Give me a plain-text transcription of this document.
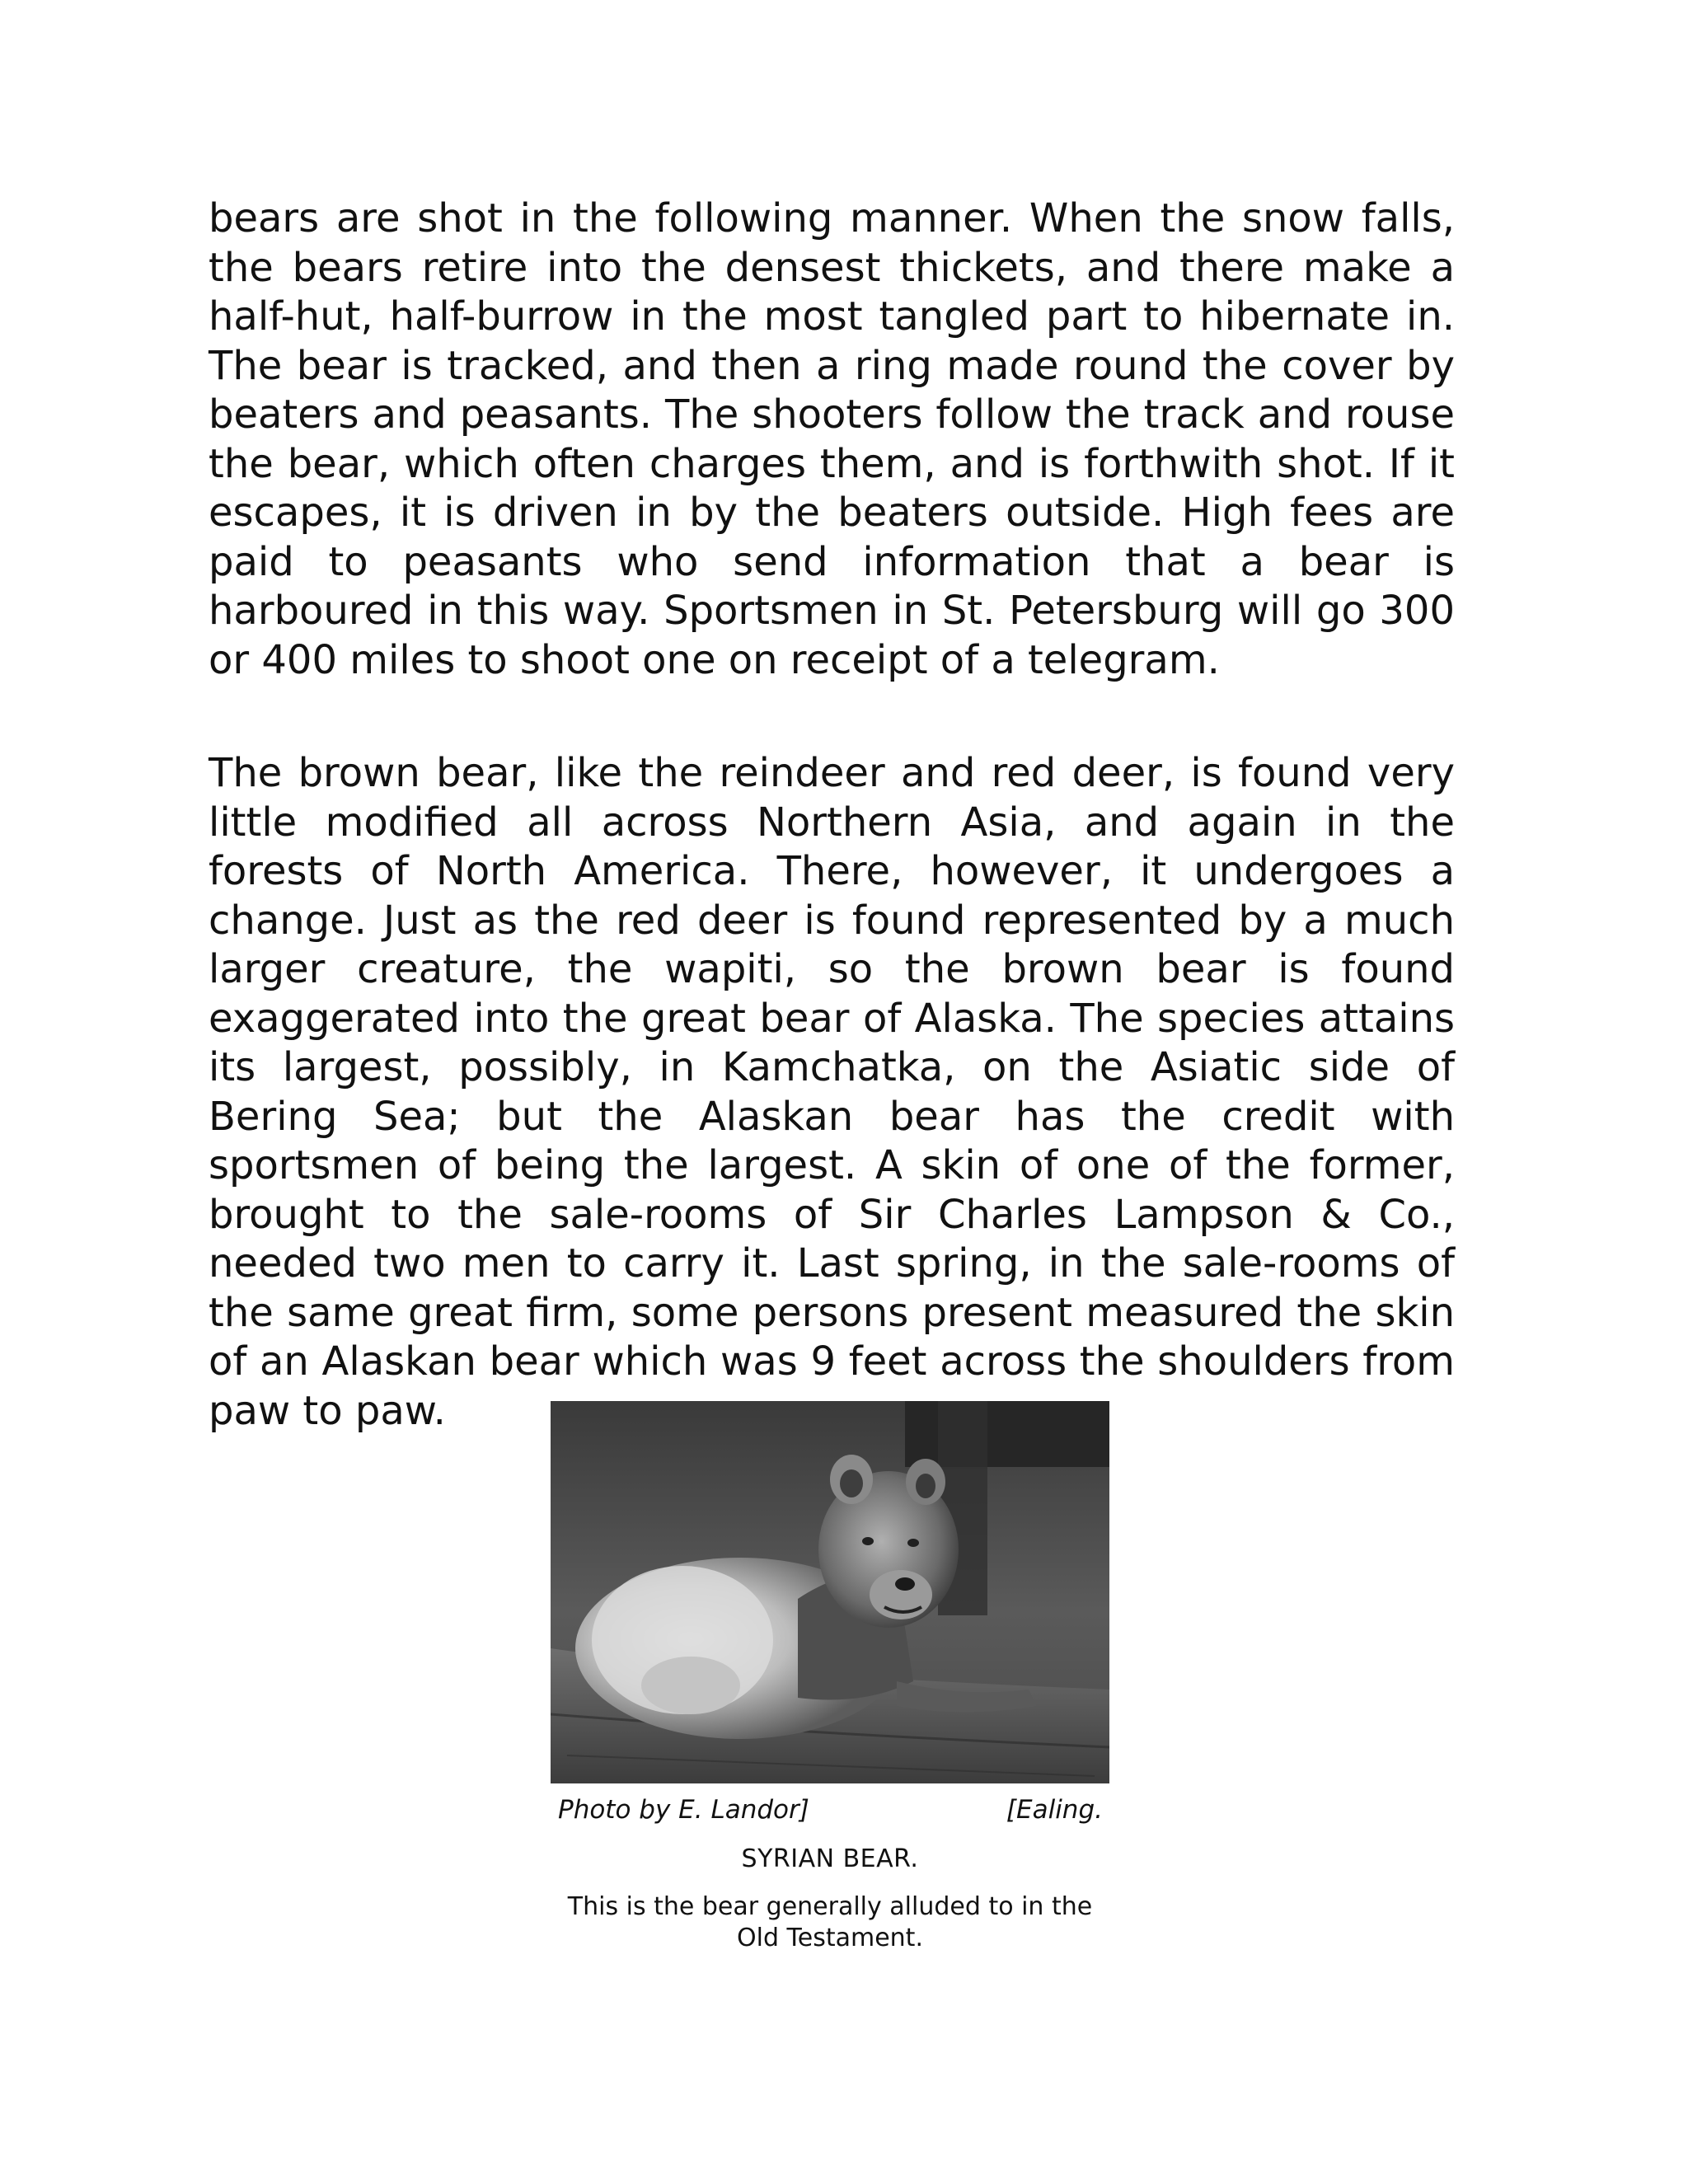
bears are shot in the following manner. When the snow falls, the bears retire into the densest thickets, and there make a half-hut, half-burrow in the most tangled part to hibernate in. The bear is tracked, and then a ring made round the cover by beaters and peasants. The shooters follow the track and rouse the bear, which often charges them, and is forthwith shot. If it escapes, it is driven in by the beaters outside. High fees are paid to peasants who send information that a bear is harboured in this way. Sportsmen in St. Petersburg will go 300 or 400 miles to shoot one on receipt of a telegram.

The brown bear, like the reindeer and red deer, is found very little modified all across Northern Asia, and again in the forests of North America. There, however, it undergoes a change. Just as the red deer is found represented by a much larger creature, the wapiti, so the brown bear is found exaggerated into the great bear of Alaska. The species attains its largest, possibly, in Kamchatka, on the Asiatic side of Bering Sea; but the Alaskan bear has the credit with sportsmen of being the largest. A skin of one of the former, brought to the sale-rooms of Sir Charles Lampson & Co., needed two men to carry it. Last spring, in the sale-rooms of the same great firm, some persons present measured the skin of an Alaskan bear which was 9 feet across the shoulders from paw to paw.

Photo by E. Landor]	[Ealing.
SYRIAN BEAR.
This is the bear generally alluded to in the Old Testament.
